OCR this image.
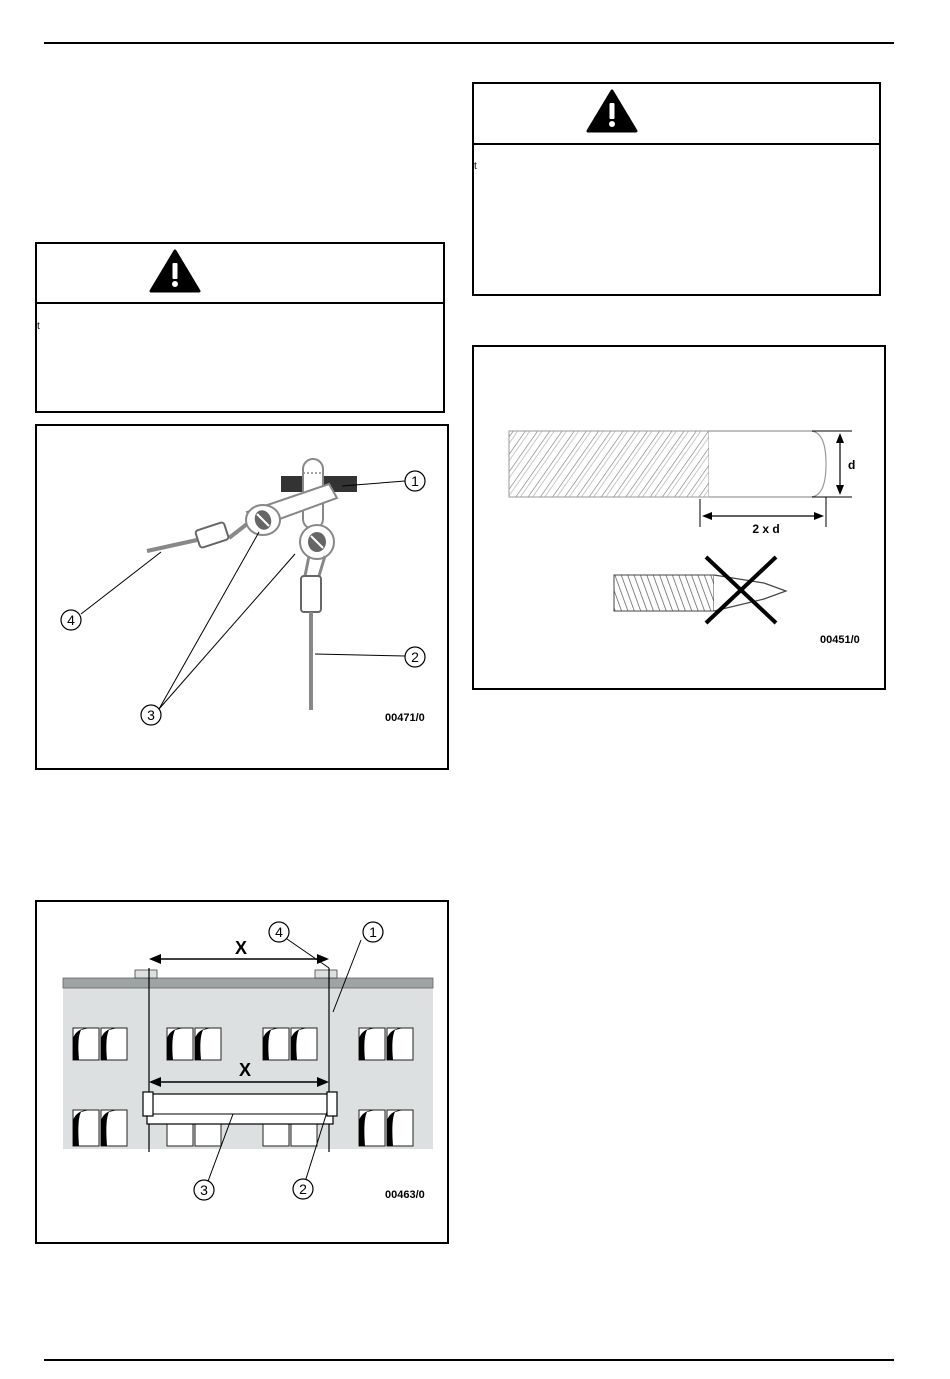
t
t
1
2
3
4
00471/0
d
2 x d
00451/0
X
X
1
2
3
4
00463/0
